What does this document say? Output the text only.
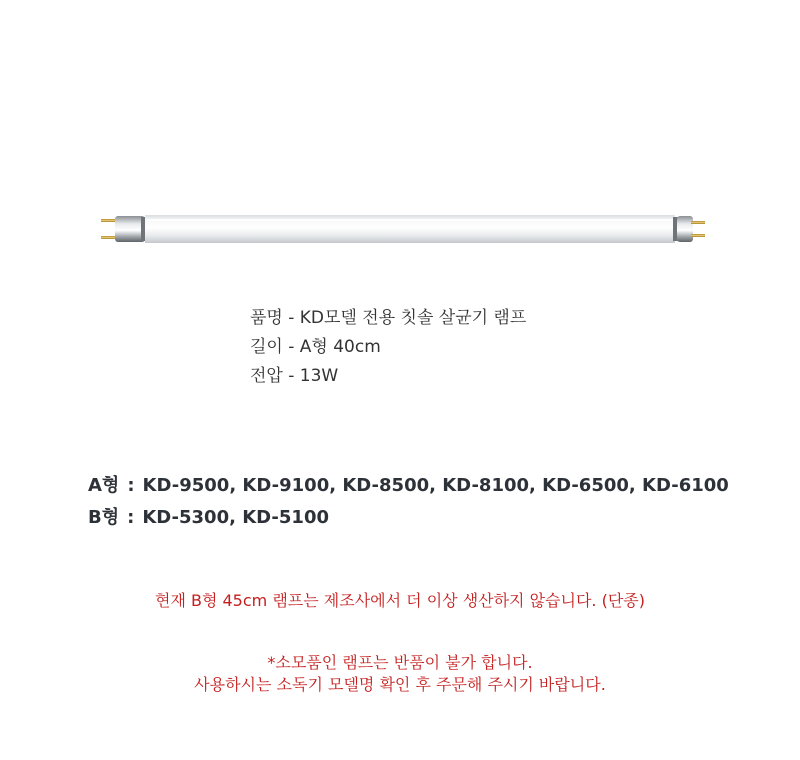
품명 - KD모델 전용 칫솔 살균기 램프
길이 - A형 40cm
전압 - 13W
A형 : KD-9500, KD-9100, KD-8500, KD-8100, KD-6500, KD-6100
B형 : KD-5300, KD-5100
현재 B형 45cm 램프는 제조사에서 더 이상 생산하지 않습니다. (단종)
*소모품인 램프는 반품이 불가 합니다.
사용하시는 소독기 모델명 확인 후 주문해 주시기 바랍니다.
